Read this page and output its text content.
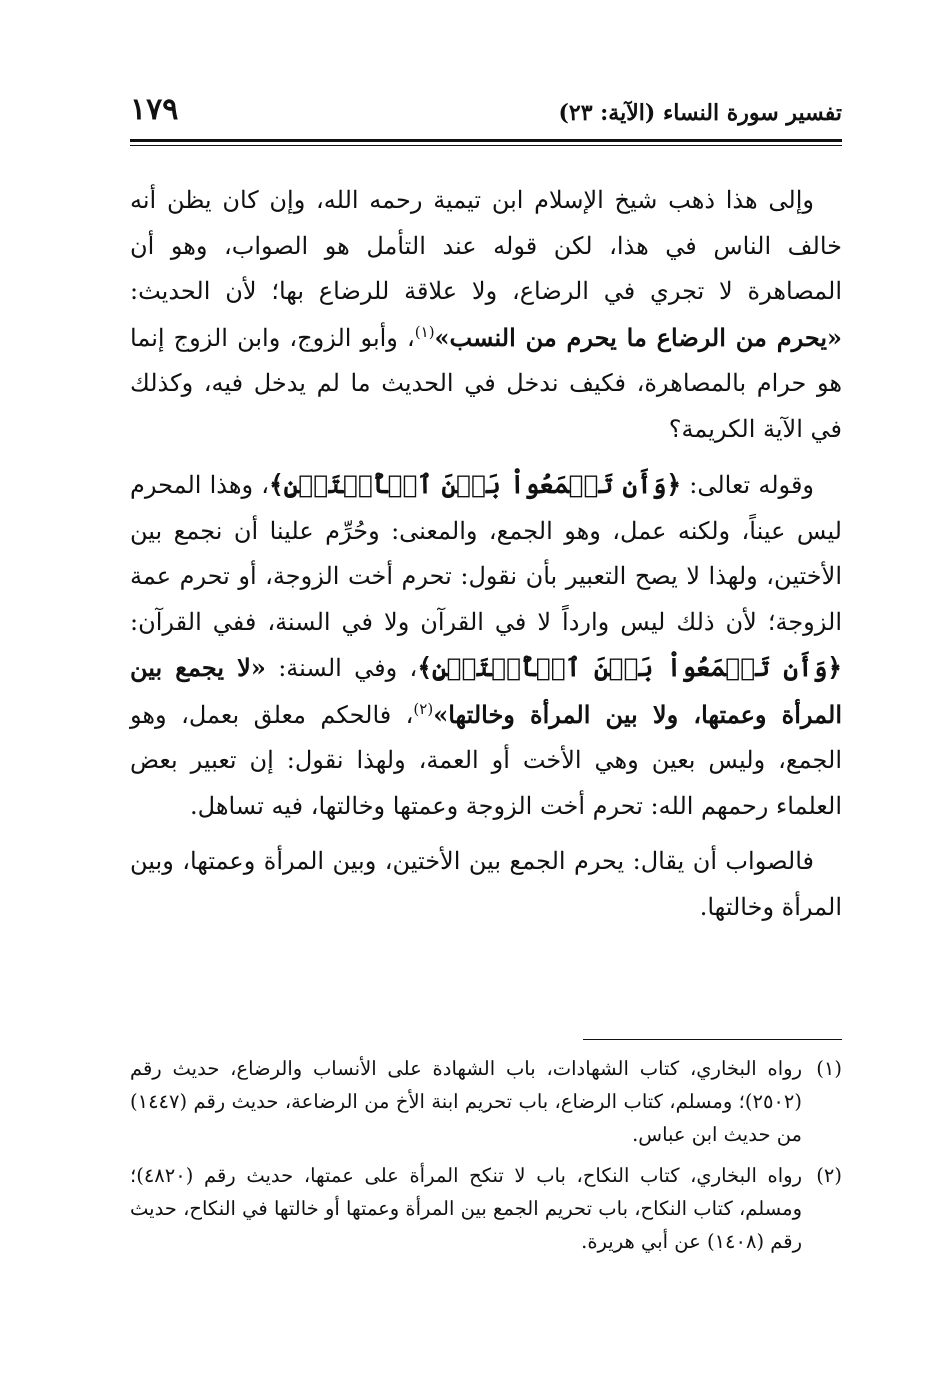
تفسير سورة النساء (الآية: ٢٣)
١٧٩

وإلى هذا ذهب شيخ الإسلام ابن تيمية رحمه الله، وإن كان يظن أنه خالف الناس في هذا، لكن قوله عند التأمل هو الصواب، وهو أن المصاهرة لا تجري في الرضاع، ولا علاقة للرضاع بها؛ لأن الحديث: «يحرم من الرضاع ما يحرم من النسب»$^{(١)}$، وأبو الزوج، وابن الزوج إنما هو حرام بالمصاهرة، فكيف ندخل في الحديث ما لم يدخل فيه، وكذلك في الآية الكريمة؟

وقوله تعالى: ﴿وَأَن تَجۡمَعُواْ بَيۡنَ ٱلۡأُخۡتَيۡنِ﴾، وهذا المحرم ليس عيناً، ولكنه عمل، وهو الجمع، والمعنى: وحُرِّم علينا أن نجمع بين الأختين، ولهذا لا يصح التعبير بأن نقول: تحرم أخت الزوجة، أو تحرم عمة الزوجة؛ لأن ذلك ليس وارداً لا في القرآن ولا في السنة، ففي القرآن: ﴿وَأَن تَجۡمَعُواْ بَيۡنَ ٱلۡأُخۡتَيۡنِ﴾، وفي السنة: «لا يجمع بين المرأة وعمتها، ولا بين المرأة وخالتها»$^{(٢)}$، فالحكم معلق بعمل، وهو الجمع، وليس بعين وهي الأخت أو العمة، ولهذا نقول: إن تعبير بعض العلماء رحمهم الله: تحرم أخت الزوجة وعمتها وخالتها، فيه تساهل.

فالصواب أن يقال: يحرم الجمع بين الأختين، وبين المرأة وعمتها، وبين المرأة وخالتها.

(١)رواه البخاري، كتاب الشهادات، باب الشهادة على الأنساب والرضاع، حديث رقم (٢٥٠٢)؛ ومسلم، كتاب الرضاع، باب تحريم ابنة الأخ من الرضاعة، حديث رقم (١٤٤٧) من حديث ابن عباس.
(٢)رواه البخاري، كتاب النكاح، باب لا تنكح المرأة على عمتها، حديث رقم (٤٨٢٠)؛ ومسلم، كتاب النكاح، باب تحريم الجمع بين المرأة وعمتها أو خالتها في النكاح، حديث رقم (١٤٠٨) عن أبي هريرة.
